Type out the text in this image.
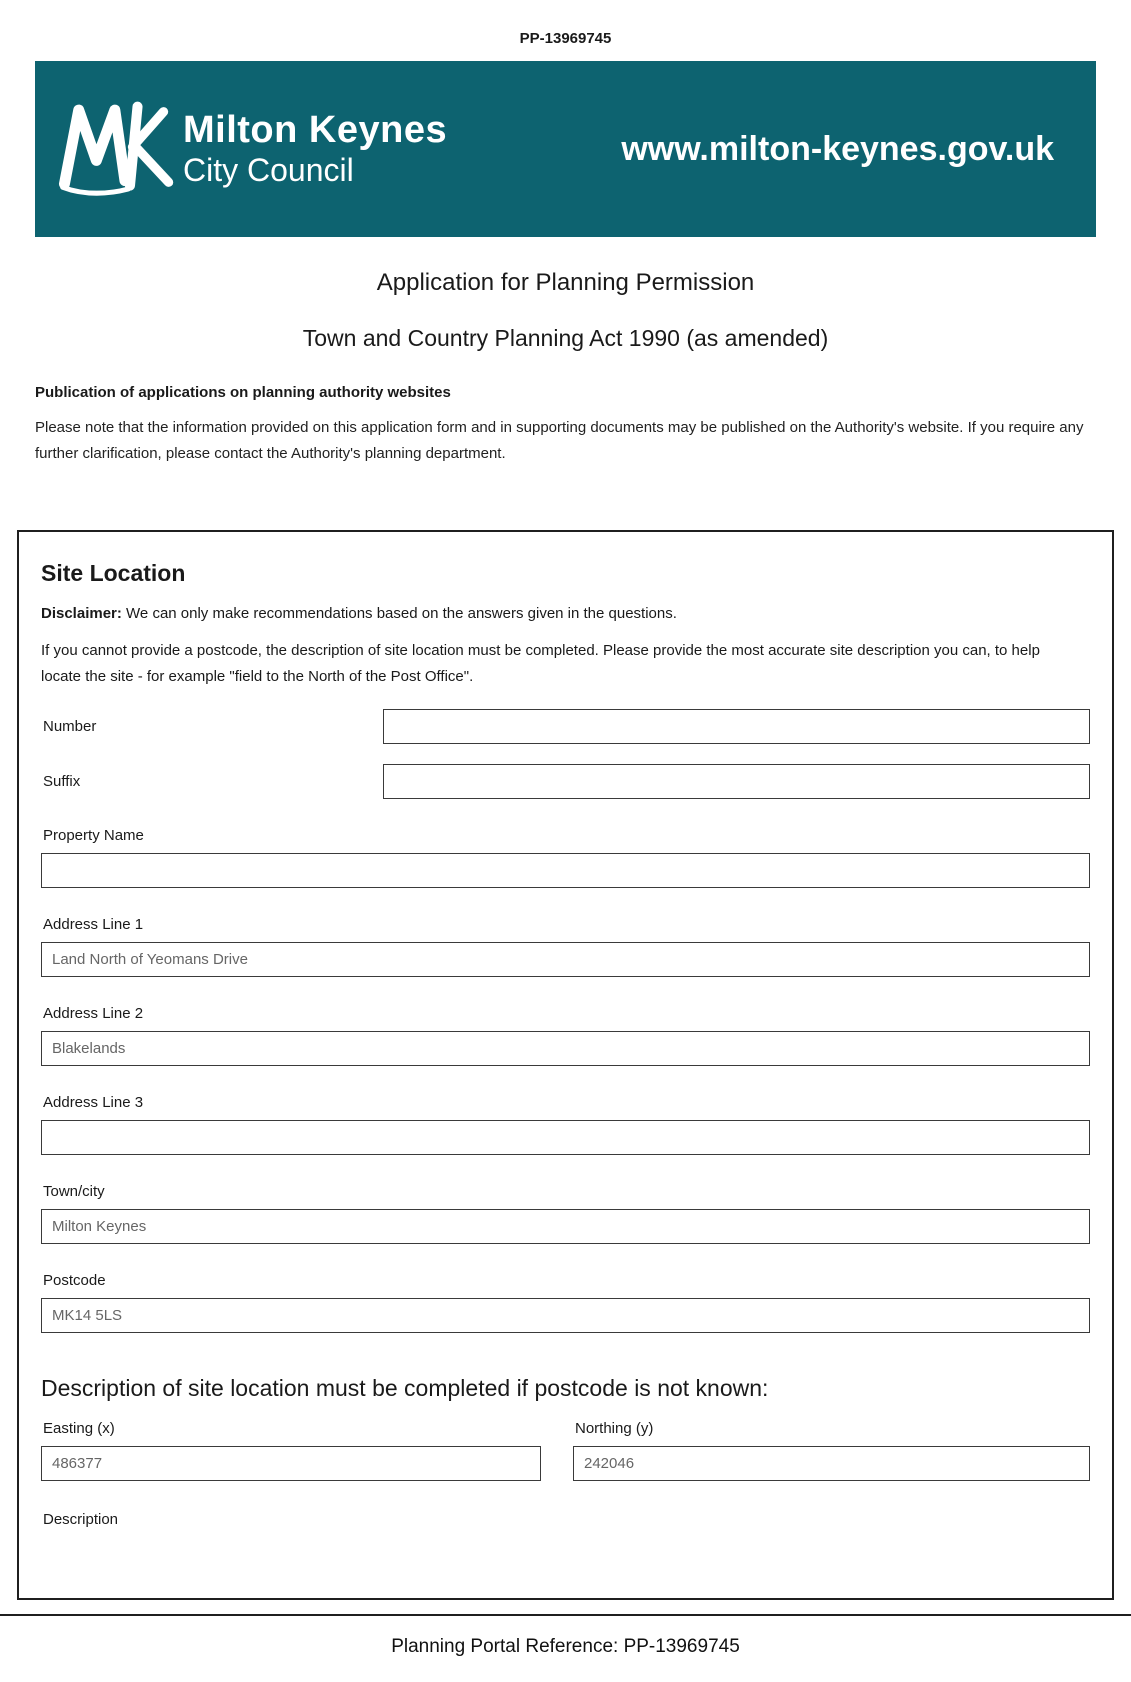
PP-13969745
Milton Keynes
City Council
www.milton-keynes.gov.uk
Application for Planning Permission
Town and Country Planning Act 1990 (as amended)
Publication of applications on planning authority websites
Please note that the information provided on this application form and in supporting documents may be published on the Authority's website. If you require any further clarification, please contact the Authority's planning department.
Site Location
Disclaimer: We can only make recommendations based on the answers given in the questions.
If you cannot provide a postcode, the description of site location must be completed. Please provide the most accurate site description you can, to help locate the site - for example "field to the North of the Post Office".
Number
Suffix
Property Name
Address Line 1
Land North of Yeomans Drive
Address Line 2
Blakelands
Address Line 3
Town/city
Milton Keynes
Postcode
MK14 5LS
Description of site location must be completed if postcode is not known:
Easting (x)
486377	Northing (y)
242046
Description
Planning Portal Reference: PP-13969745
